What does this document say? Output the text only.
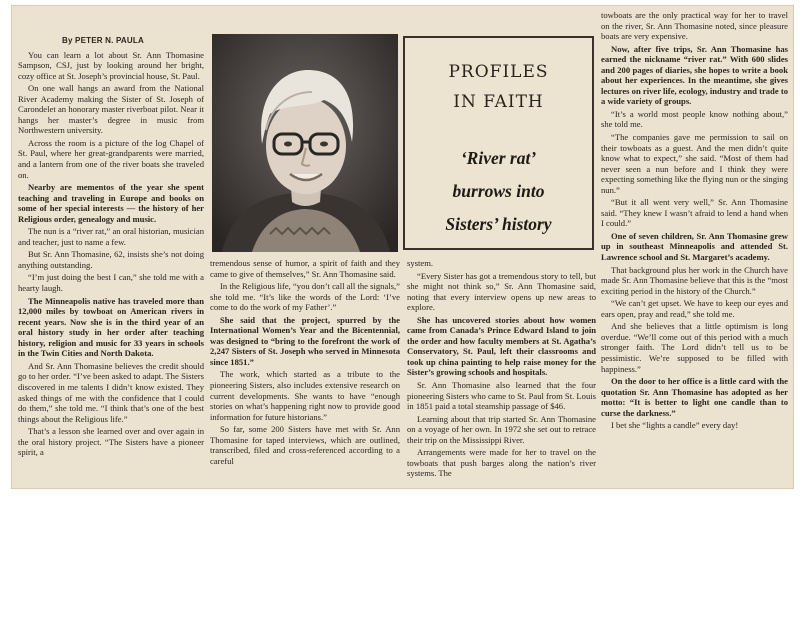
By PETER N. PAULA

You can learn a lot about Sr. Ann Thomasine Sampson, CSJ, just by looking around her bright, cozy office at St. Joseph’s provincial house, St. Paul.

On one wall hangs an award from the National River Academy making the Sister of St. Joseph of Carondelet an honorary master riverboat pilot. Near it hangs her master’s degree in music from Northwestern university.

Across the room is a picture of the log Chapel of St. Paul, where her great-grandparents were married, and a lantern from one of the river boats she traveled on.

Nearby are mementos of the year she spent teaching and traveling in Europe and books on some of her special interests — the history of her Religious order, genealogy and music.

The nun is a “river rat,” an oral historian, musician and teacher, just to name a few.

But Sr. Ann Thomasine, 62, insists she’s not doing anything outstanding.

“I’m just doing the best I can,” she told me with a hearty laugh.

The Minneapolis native has traveled more than 12,000 miles by towboat on American rivers in recent years. Now she is in the third year of an oral history study in her order after teaching history, religion and music for 33 years in schools in the Twin Cities and North Dakota.

And Sr. Ann Thomasine believes the credit should go to her order. “I’ve been asked to adapt. The Sisters discovered in me talents I didn’t know existed. They asked things of me with the confidence that I could do them,” she told me. “I think that’s one of the best things about the Religious life.”

That’s a lesson she learned over and over again in the oral history project. “The Sisters have a pioneer spirit, a

PROFILES
IN FAITH
‘River rat’
burrows into
Sisters’ history

tremendous sense of humor, a spirit of faith and they came to give of themselves,” Sr. Ann Thomasine said.

In the Religious life, “you don’t call all the signals,” she told me. “It’s like the words of the Lord: ‘I’ve come to do the work of my Father’.”

She said that the project, spurred by the International Women’s Year and the Bicentennial, was designed to “bring to the forefront the work of 2,247 Sisters of St. Joseph who served in Minnesota since 1851.”

The work, which started as a tribute to the pioneering Sisters, also includes extensive research on current developments. She wants to have “enough stories on what’s happening right now to provide good information for future historians.”

So far, some 200 Sisters have met with Sr. Ann Thomasine for taped interviews, which are outlined, transcribed, filed and cross-referenced according to a careful

system.

“Every Sister has got a tremendous story to tell, but she might not think so,” Sr. Ann Thomasine said, noting that every interview opens up new areas to explore.

She has uncovered stories about how women came from Canada’s Prince Edward Island to join the order and how faculty members at St. Agatha’s Conservatory, St. Paul, left their classrooms and took up china painting to help raise money for the Sister’s growing schools and hospitals.

Sr. Ann Thomasine also learned that the four pioneering Sisters who came to St. Paul from St. Louis in 1851 paid a total steamship passage of $46.

Learning about that trip started Sr. Ann Thomasine on a voyage of her own. In 1972 she set out to retrace their trip on the Mississippi River.

Arrangements were made for her to travel on the towboats that push barges along the nation’s river systems. The

towboats are the only practical way for her to travel on the river, Sr. Ann Thomasine noted, since pleasure boats are very expensive.

Now, after five trips, Sr. Ann Thomasine has earned the nickname “river rat.” With 600 slides and 200 pages of diaries, she hopes to write a book about her experiences. In the meantime, she gives lectures on river life, ecology, industry and trade to a wide variety of groups.

“It’s a world most people know nothing about,” she told me.

“The companies gave me permission to sail on their towboats as a guest. And the men didn’t quite know what to expect,” she said. “Most of them had never seen a nun before and I think they were expecting something like the flying nun or the singing nun.”

“But it all went very well,” Sr. Ann Thomasine said. “They knew I wasn’t afraid to lend a hand when I could.”

One of seven children, Sr. Ann Thomasine grew up in southeast Minneapolis and attended St. Lawrence school and St. Margaret’s academy.

That background plus her work in the Church have made Sr. Ann Thomasine believe that this is the “most exciting period in the history of the Church.”

“We can’t get upset. We have to keep our eyes and ears open, pray and read,” she told me.

And she believes that a little optimism is long overdue. “We’ll come out of this period with a much stronger faith. The Lord didn’t tell us to be pessimistic. We’re supposed to be filled with happiness.”

On the door to her office is a little card with the quotation Sr. Ann Thomasine has adopted as her motto: “It is better to light one candle than to curse the darkness.”

I bet she “lights a candle” every day!
